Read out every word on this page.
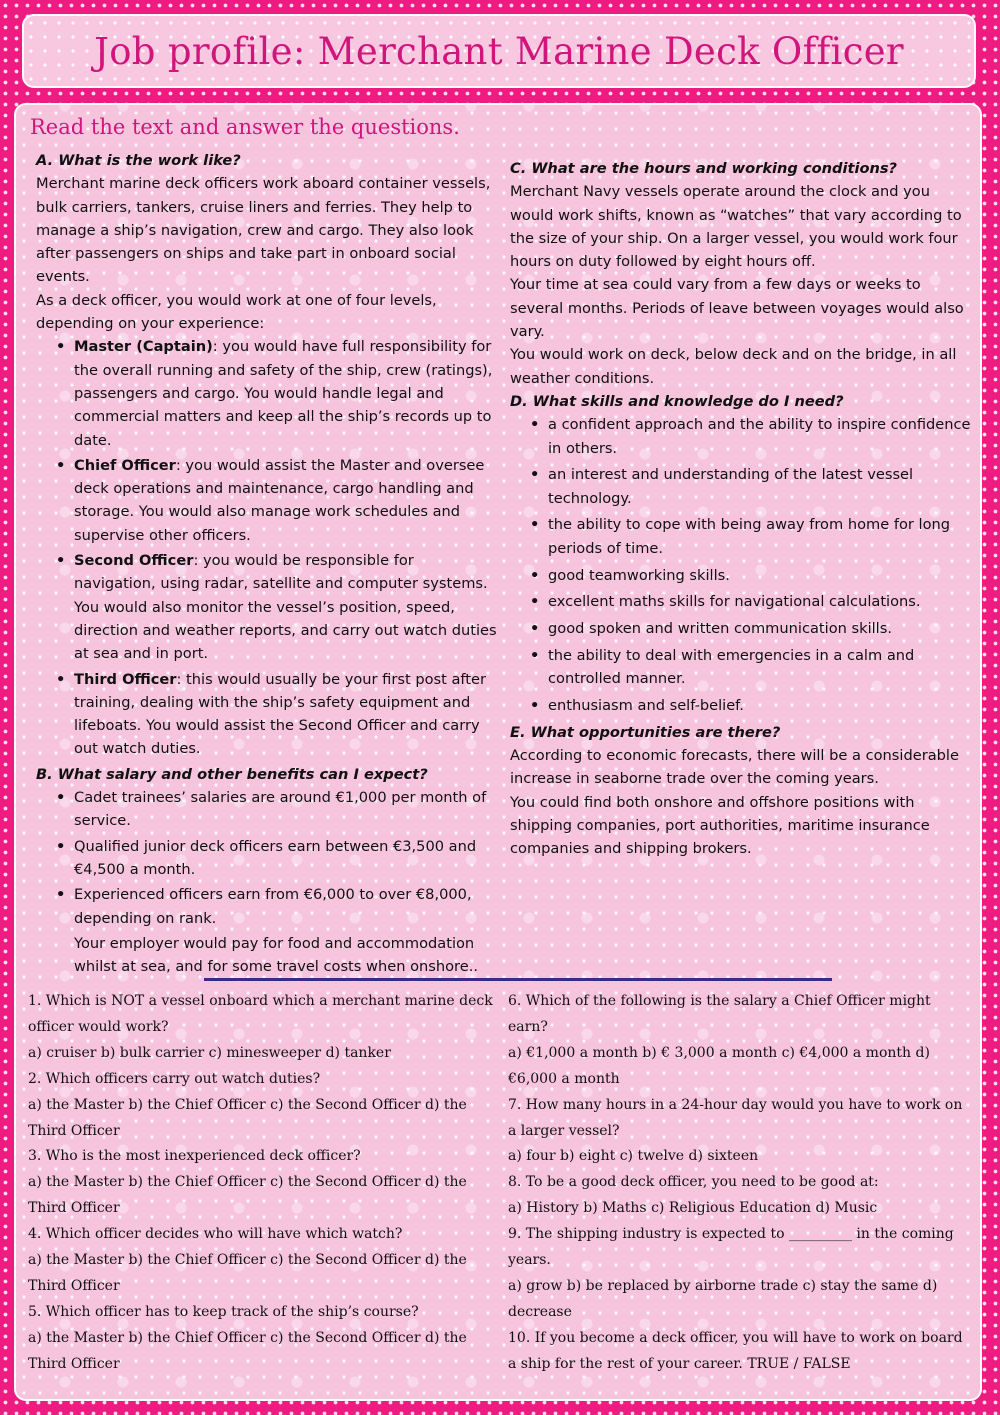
Job profile: Merchant Marine Deck Officer
Read the text and answer the questions.

A. What is the work like?

Merchant marine deck officers work aboard container vessels, bulk carriers, tankers, cruise liners and ferries. They help to manage a ship’s navigation, crew and cargo. They also look after passengers on ships and take part in onboard social events.

As a deck officer, you would work at one of four levels, depending on your experience:

• Master (Captain): you would have full responsibility for the overall running and safety of the ship, crew (ratings), passengers and cargo. You would handle legal and commercial matters and keep all the ship’s records up to date.
• Chief Officer: you would assist the Master and oversee deck operations and maintenance, cargo handling and storage. You would also manage work schedules and supervise other officers.
• Second Officer: you would be responsible for navigation, using radar, satellite and computer systems. You would also monitor the vessel’s position, speed, direction and weather reports, and carry out watch duties at sea and in port.
• Third Officer: this would usually be your first post after training, dealing with the ship’s safety equipment and lifeboats. You would assist the Second Officer and carry out watch duties.

B. What salary and other benefits can I expect?

• Cadet trainees’ salaries are around €1,000 per month of service.
• Qualified junior deck officers earn between €3,500 and €4,500 a month.
• Experienced officers earn from €6,000 to over €8,000, depending on rank.

Your employer would pay for food and accommodation whilst at sea, and for some travel costs when onshore..

C. What are the hours and working conditions?

Merchant Navy vessels operate around the clock and you would work shifts, known as “watches” that vary according to the size of your ship. On a larger vessel, you would work four hours on duty followed by eight hours off.

Your time at sea could vary from a few days or weeks to several months. Periods of leave between voyages would also vary.

You would work on deck, below deck and on the bridge, in all weather conditions.

D. What skills and knowledge do I need?

• a confident approach and the ability to inspire confidence in others.
• an interest and understanding of the latest vessel technology.
• the ability to cope with being away from home for long periods of time.
• good teamworking skills.
• excellent maths skills for navigational calculations.
• good spoken and written communication skills.
• the ability to deal with emergencies in a calm and controlled manner.
• enthusiasm and self-belief.

E. What opportunities are there?

According to economic forecasts, there will be a considerable increase in seaborne trade over the coming years.

You could find both onshore and offshore positions with shipping companies, port authorities, maritime insurance companies and shipping brokers.

1. Which is NOT a vessel onboard which a merchant marine deck officer would work?

a) cruiser b) bulk carrier c) minesweeper d) tanker

2. Which officers carry out watch duties?

a) the Master b) the Chief Officer c) the Second Officer d) the Third Officer

3. Who is the most inexperienced deck officer?

a) the Master b) the Chief Officer c) the Second Officer d) the Third Officer

4. Which officer decides who will have which watch?

a) the Master b) the Chief Officer c) the Second Officer d) the Third Officer

5. Which officer has to keep track of the ship’s course?

a) the Master b) the Chief Officer c) the Second Officer d) the Third Officer

6. Which of the following is the salary a Chief Officer might earn?

a) €1,000 a month b) € 3,000 a month c) €4,000 a month d) €6,000 a month

7. How many hours in a 24-hour day would you have to work on a larger vessel?

a) four b) eight c) twelve d) sixteen

8. To be a good deck officer, you need to be good at:

a) History b) Maths c) Religious Education d) Music

9. The shipping industry is expected to _________ in the coming years.

a) grow b) be replaced by airborne trade c) stay the same d) decrease

10. If you become a deck officer, you will have to work on board a ship for the rest of your career. TRUE / FALSE
